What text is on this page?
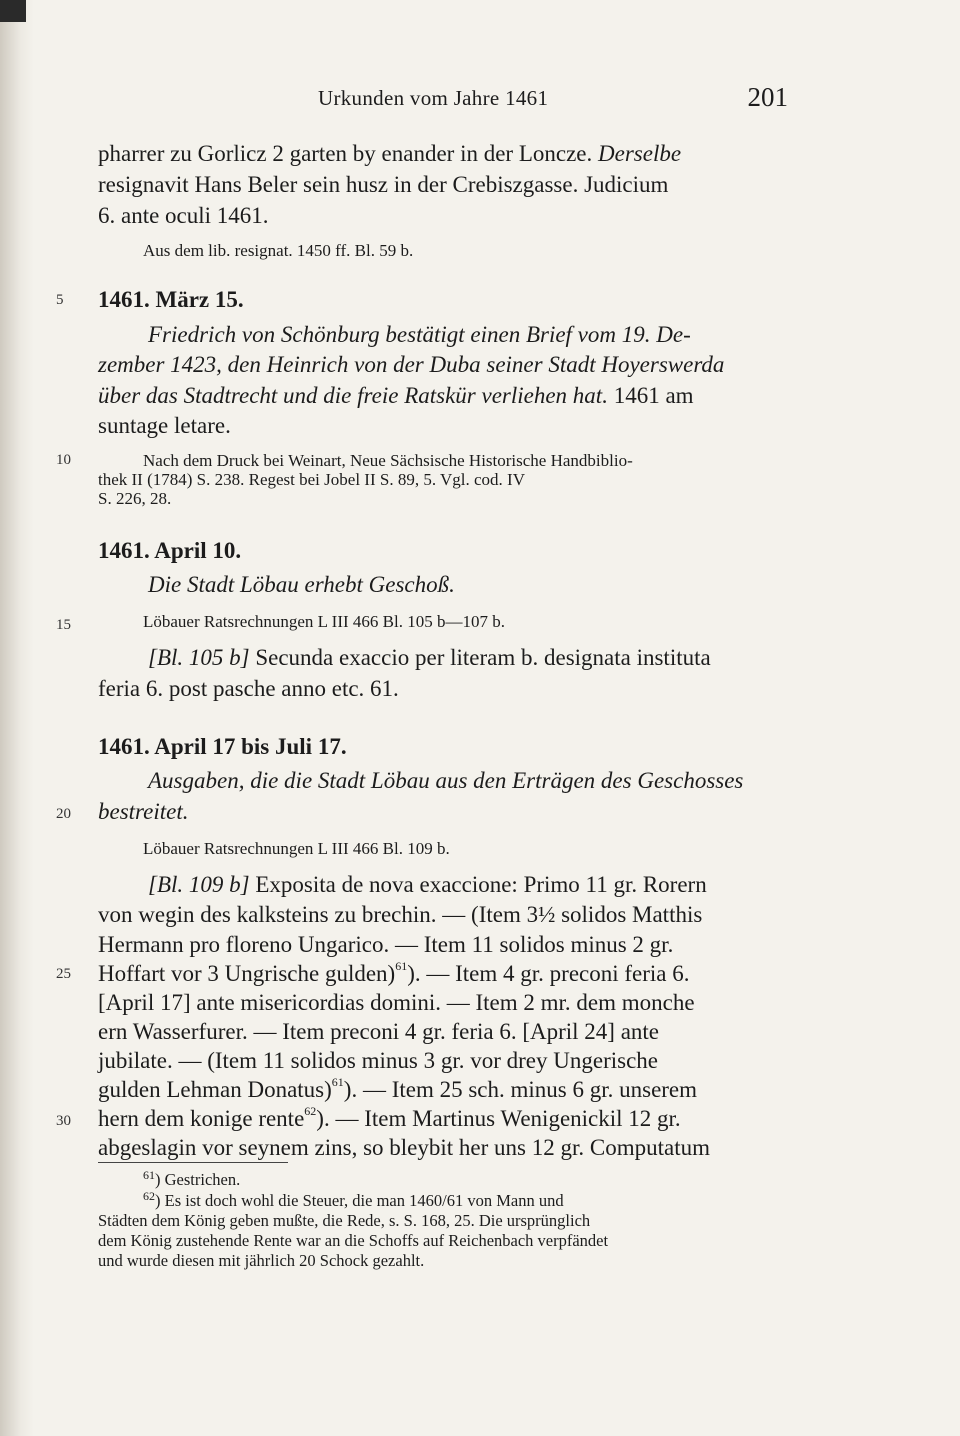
Urkunden vom Jahre 1461	201
5
10
15
20
25
30
pharrer zu Gorlicz 2 garten by enander in der Loncze. Derselbe
resignavit Hans Beler sein husz in der Crebiszgasse. Judicium
6. ante oculi 1461.
Aus dem lib. resignat. 1450 ff. Bl. 59 b.
1461. März 15.
Friedrich von Schönburg bestätigt einen Brief vom 19. De-
zember 1423, den Heinrich von der Duba seiner Stadt Hoyerswerda
über das Stadtrecht und die freie Ratskür verliehen hat. 1461 am
suntage letare.
Nach dem Druck bei Weinart, Neue Sächsische Historische Handbiblio-
thek II (1784) S. 238. Regest bei Jobel II S. 89, 5. Vgl. cod. IV
S. 226, 28.
1461. April 10.
Die Stadt Löbau erhebt Geschoß.
Löbauer Ratsrechnungen L III 466 Bl. 105 b—107 b.
[Bl. 105 b] Secunda exaccio per literam b. designata instituta
feria 6. post pasche anno etc. 61.
1461. April 17 bis Juli 17.
Ausgaben, die die Stadt Löbau aus den Erträgen des Geschosses
bestreitet.
Löbauer Ratsrechnungen L III 466 Bl. 109 b.
[Bl. 109 b] Exposita de nova exaccione: Primo 11 gr. Rorern
von wegin des kalksteins zu brechin. — (Item 3½ solidos Matthis
Hermann pro floreno Ungarico. — Item 11 solidos minus 2 gr.
Hoffart vor 3 Ungrische gulden)$^{61}$). — Item 4 gr. preconi feria 6.
[April 17] ante misericordias domini. — Item 2 mr. dem monche
ern Wasserfurer. — Item preconi 4 gr. feria 6. [April 24] ante
jubilate. — (Item 11 solidos minus 3 gr. vor drey Ungerische
gulden Lehman Donatus)$^{61}$). — Item 25 sch. minus 6 gr. unserem
hern dem konige rente$^{62}$). — Item Martinus Wenigenickil 12 gr.
abgeslagin vor seynem zins, so bleybit her uns 12 gr. Computatum
$^{61}$) Gestrichen.
$^{62}$) Es ist doch wohl die Steuer, die man 1460/61 von Mann und
Städten dem König geben mußte, die Rede, s. S. 168, 25. Die ursprünglich
dem König zustehende Rente war an die Schoffs auf Reichenbach verpfändet
und wurde diesen mit jährlich 20 Schock gezahlt.
